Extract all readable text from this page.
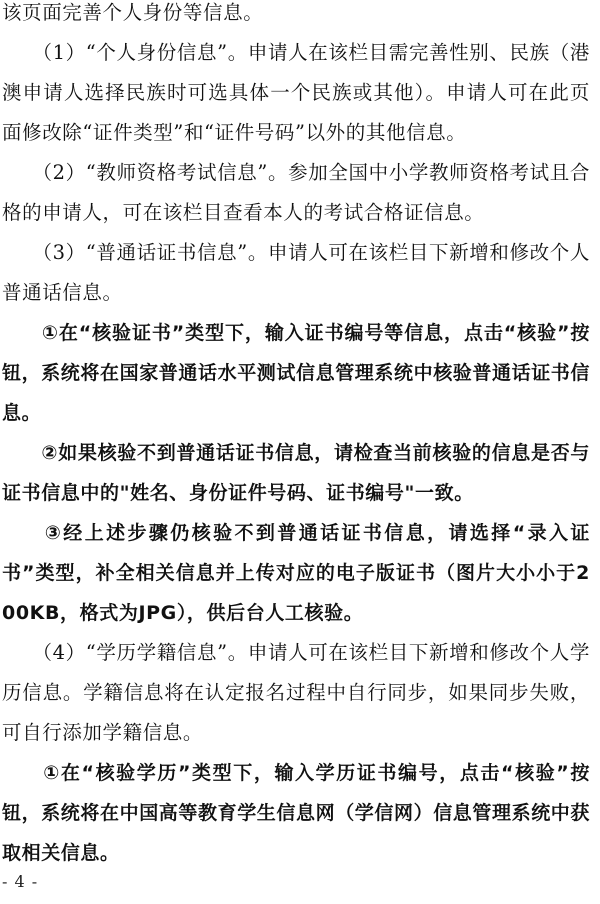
该页面完善个人身份等信息。

　　（1）“个人身份信息”。申请人在该栏目需完善性别、民族（港澳申请人选择民族时可选具体一个民族或其他）。申请人可在此页面修改除“证件类型”和“证件号码”以外的其他信息。

　　（2）“教师资格考试信息”。参加全国中小学教师资格考试且合格的申请人，可在该栏目查看本人的考试合格证信息。

　　（3）“普通话证书信息”。申请人可在该栏目下新增和修改个人普通话信息。

　　①在“核验证书”类型下，输入证书编号等信息，点击“核验”按钮，系统将在国家普通话水平测试信息管理系统中核验普通话证书信息。

　　②如果核验不到普通话证书信息，请检查当前核验的信息是否与证书信息中的"姓名、身份证件号码、证书编号"一致。

　　③经上述步骤仍核验不到普通话证书信息，请选择“录入证书”类型，补全相关信息并上传对应的电子版证书（图片大小小于200KB，格式为JPG），供后台人工核验。

　　（4）“学历学籍信息”。申请人可在该栏目下新增和修改个人学历信息。学籍信息将在认定报名过程中自行同步，如果同步失败，可自行添加学籍信息。

　　①在“核验学历”类型下，输入学历证书编号，点击“核验”按钮，系统将在中国高等教育学生信息网（学信网）信息管理系统中获取相关信息。

- 4 -
